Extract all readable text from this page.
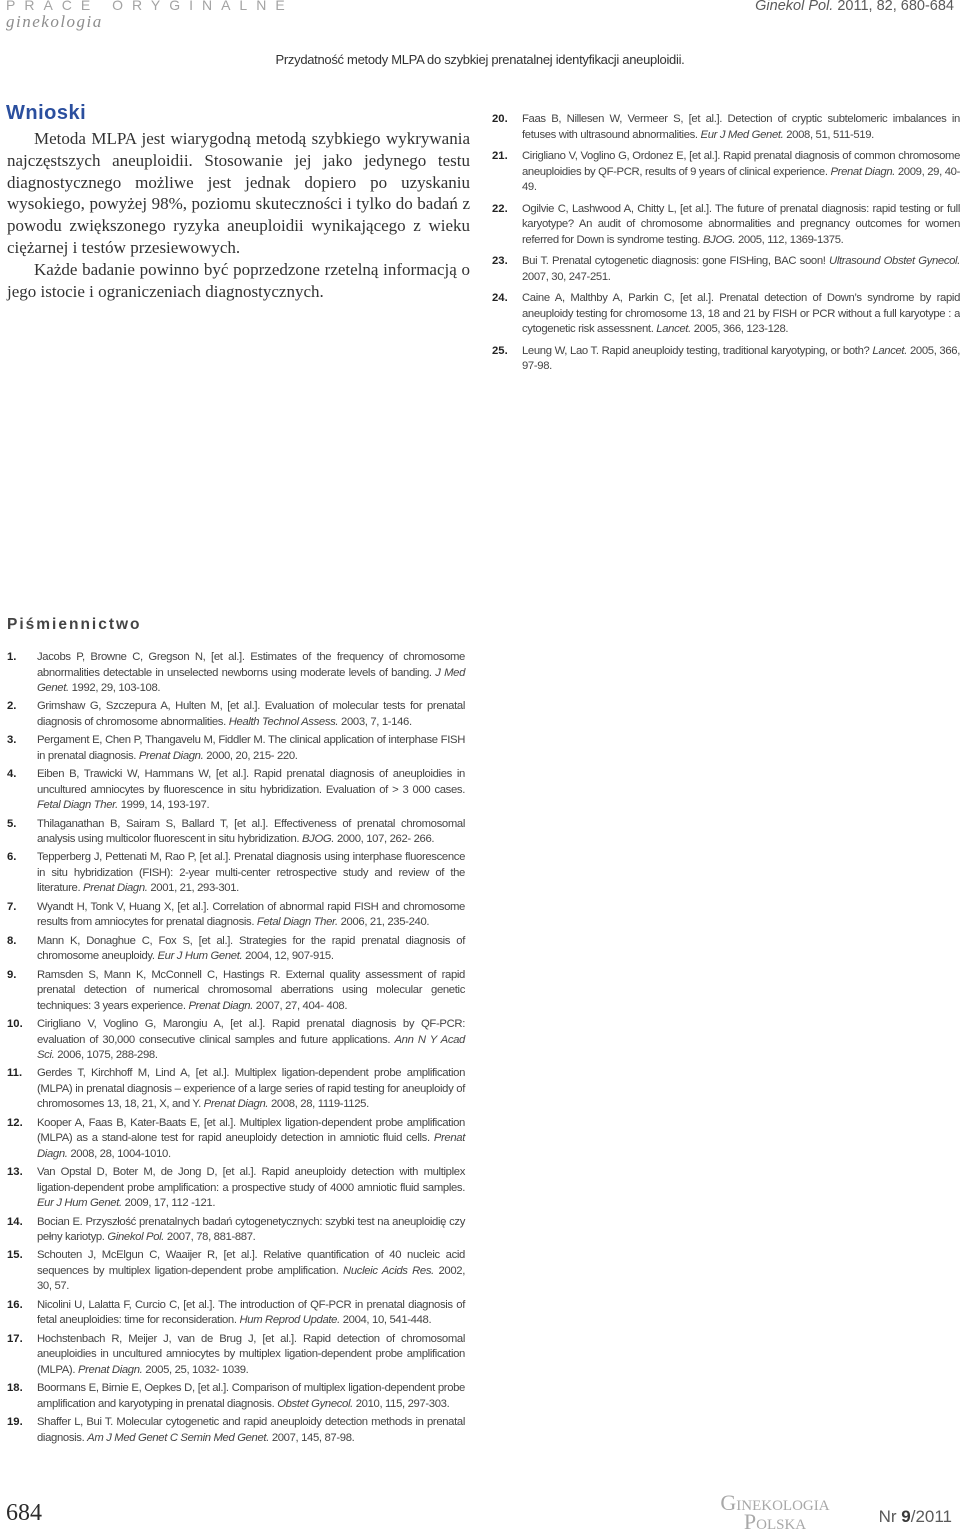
PRACE ORYGINALNE
ginekologia
Ginekol Pol. 2011, 82, 680-684
Przydatność metody MLPA do szybkiej prenatalnej identyfikacji aneuploidii.
Wnioski

Metoda MLPA jest wiarygodną metodą szybkiego wykrywania najczęstszych aneuploidii. Stosowanie jej jako jedynego testu diagnostycznego możliwe jest jednak dopiero po uzyskaniu wysokiego, powyżej 98%, poziomu skuteczności i tylko do badań z powodu zwiększonego ryzyka aneuploidii wynikającego z wieku ciężarnej i testów przesiewowych.

Każde badanie powinno być poprzedzone rzetelną informacją o jego istocie i ograniczeniach diagnostycznych.

20. Faas B, Nillesen W, Vermeer S, [et al.]. Detection of cryptic subtelomeric imbalances in fetuses with ultrasound abnormalities. Eur J Med Genet. 2008, 51, 511-519.
21. Cirigliano V, Voglino G, Ordonez E, [et al.]. Rapid prenatal diagnosis of common chromosome aneuploidies by QF-PCR, results of 9 years of clinical experience. Prenat Diagn. 2009, 29, 40-49.
22. Ogilvie C, Lashwood A, Chitty L, [et al.]. The future of prenatal diagnosis: rapid testing or full karyotype? An audit of chromosome abnormalities and pregnancy outcomes for women referred for Down is syndrome testing. BJOG. 2005, 112, 1369-1375.
23. Bui T. Prenatal cytogenetic diagnosis: gone FISHing, BAC soon! Ultrasound Obstet Gynecol. 2007, 30, 247-251.
24. Caine A, Malthby A, Parkin C, [et al.]. Prenatal detection of Down’s syndrome by rapid aneuploidy testing for chromosome 13, 18 and 21 by FISH or PCR without a full karyotype : a cytogenetic risk assessnent. Lancet. 2005, 366, 123-128.
25. Leung W, Lao T. Rapid aneuploidy testing, traditional karyotyping, or both? Lancet. 2005, 366, 97-98.
Piśmiennictwo
1. Jacobs P, Browne C, Gregson N, [et al.]. Estimates of the frequency of chromosome abnormalities detectable in unselected newborns using moderate levels of banding. J Med Genet. 1992, 29, 103-108.
2. Grimshaw G, Szczepura A, Hulten M, [et al.]. Evaluation of molecular tests for prenatal diagnosis of chromosome abnormalities. Health Technol Assess. 2003, 7, 1-146.
3. Pergament E, Chen P, Thangavelu M, Fiddler M. The clinical application of interphase FISH in prenatal diagnosis. Prenat Diagn. 2000, 20, 215- 220.
4. Eiben B, Trawicki W, Hammans W, [et al.]. Rapid prenatal diagnosis of aneuploidies in uncultured amniocytes by fluorescence in situ hybridization. Evaluation of > 3 000 cases. Fetal Diagn Ther. 1999, 14, 193-197.
5. Thilaganathan B, Sairam S, Ballard T, [et al.]. Effectiveness of prenatal chromosomal analysis using multicolor fluorescent in situ hybridization. BJOG. 2000, 107, 262- 266.
6. Tepperberg J, Pettenati M, Rao P, [et al.]. Prenatal diagnosis using interphase fluorescence in situ hybridization (FISH): 2-year multi-center retrospective study and review of the literature. Prenat Diagn. 2001, 21, 293-301.
7. Wyandt H, Tonk V, Huang X, [et al.]. Correlation of abnormal rapid FISH and chromosome results from amniocytes for prenatal diagnosis. Fetal Diagn Ther. 2006, 21, 235-240.
8. Mann K, Donaghue C, Fox S, [et al.]. Strategies for the rapid prenatal diagnosis of chromosome aneuploidy. Eur J Hum Genet. 2004, 12, 907-915.
9. Ramsden S, Mann K, McConnell C, Hastings R. External quality assessment of rapid prenatal detection of numerical chromosomal aberrations using molecular genetic techniques: 3 years experience. Prenat Diagn. 2007, 27, 404- 408.
10. Cirigliano V, Voglino G, Marongiu A, [et al.]. Rapid prenatal diagnosis by QF-PCR: evaluation of 30,000 consecutive clinical samples and future applications. Ann N Y Acad Sci. 2006, 1075, 288-298.
11. Gerdes T, Kirchhoff M, Lind A, [et al.]. Multiplex ligation-dependent probe amplification (MLPA) in prenatal diagnosis – experience of a large series of rapid testing for aneuploidy of chromosomes 13, 18, 21, X, and Y. Prenat Diagn. 2008, 28, 1119-1125.
12. Kooper A, Faas B, Kater-Baats E, [et al.]. Multiplex ligation-dependent probe amplification (MLPA) as a stand-alone test for rapid aneuploidy detection in amniotic fluid cells. Prenat Diagn. 2008, 28, 1004-1010.
13. Van Opstal D, Boter M, de Jong D, [et al.]. Rapid aneuploidy detection with multiplex ligation-dependent probe amplification: a prospective study of 4000 amniotic fluid samples. Eur J Hum Genet. 2009, 17, 112 -121.
14. Bocian E. Przyszłość prenatalnych badań cytogenetycznych: szybki test na aneuploidię czy pełny kariotyp. Ginekol Pol. 2007, 78, 881-887.
15. Schouten J, McElgun C, Waaijer R, [et al.]. Relative quantification of 40 nucleic acid sequences by multiplex ligation-dependent probe amplification. Nucleic Acids Res. 2002, 30, 57.
16. Nicolini U, Lalatta F, Curcio C, [et al.]. The introduction of QF-PCR in prenatal diagnosis of fetal aneuploidies: time for reconsideration. Hum Reprod Update. 2004, 10, 541-448.
17. Hochstenbach R, Meijer J, van de Brug J, [et al.]. Rapid detection of chromosomal aneuploidies in uncultured amniocytes by multiplex ligation-dependent probe amplification (MLPA). Prenat Diagn. 2005, 25, 1032- 1039.
18. Boormans E, Birnie E, Oepkes D, [et al.]. Comparison of multiplex ligation-dependent probe amplification and karyotyping in prenatal diagnosis. Obstet Gynecol. 2010, 115, 297-303.
19. Shaffer L, Bui T. Molecular cytogenetic and rapid aneuploidy detection methods in prenatal diagnosis. Am J Med Genet C Semin Med Genet. 2007, 145, 87-98.
684	Ginekologia
Polska	Nr 9/2011
